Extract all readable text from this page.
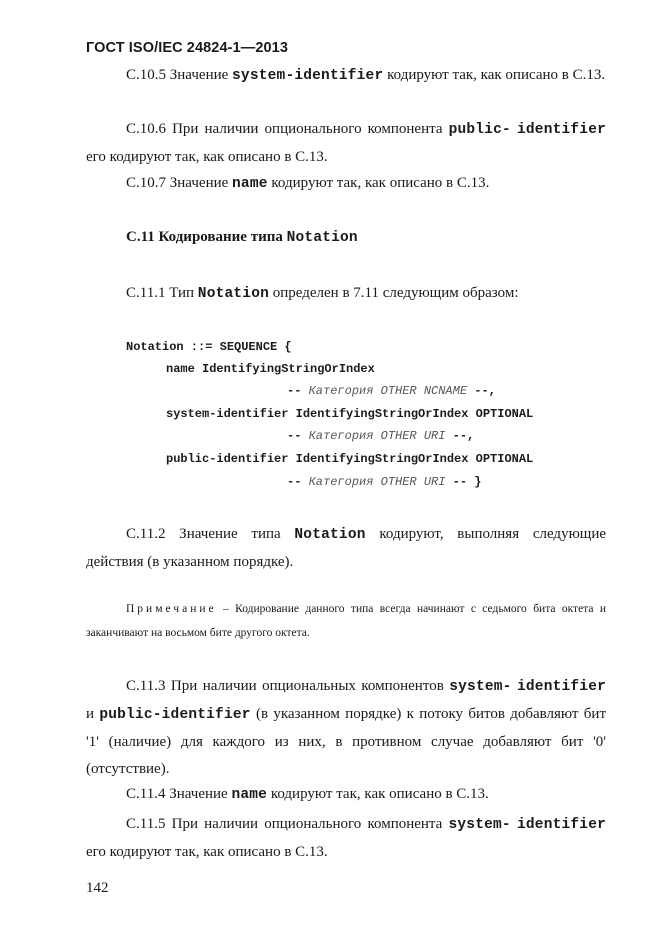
ГОСТ ISO/IEC 24824-1—2013

С.10.5 Значение system-identifier кодируют так, как описано в С.13.

С.10.6 При наличии опционального компонента public- identifier его кодируют так, как описано в С.13.

С.10.7 Значение name кодируют так, как описано в С.13.

С.11 Кодирование типа Notation

С.11.1 Тип Notation определен в 7.11 следующим образом:

Notation ::= SEQUENCE {
name IdentifyingStringOrIndex
-- Категория OTHER NCNAME --,
system-identifier IdentifyingStringOrIndex OPTIONAL
-- Категория OTHER URI --,
public-identifier IdentifyingStringOrIndex OPTIONAL
-- Категория OTHER URI -- }

С.11.2 Значение типа Notation кодируют, выполняя следующие действия (в указанном порядке).

Примечание – Кодирование данного типа всегда начинают с седьмого бита октета и заканчивают на восьмом бите другого октета.

С.11.3 При наличии опциональных компонентов system- identifier и public-identifier (в указанном порядке) к потоку битов добавляют бит '1' (наличие) для каждого из них, в противном случае добавляют бит '0' (отсутствие).

С.11.4 Значение name кодируют так, как описано в С.13.

С.11.5 При наличии опционального компонента system- identifier его кодируют так, как описано в С.13.

142
